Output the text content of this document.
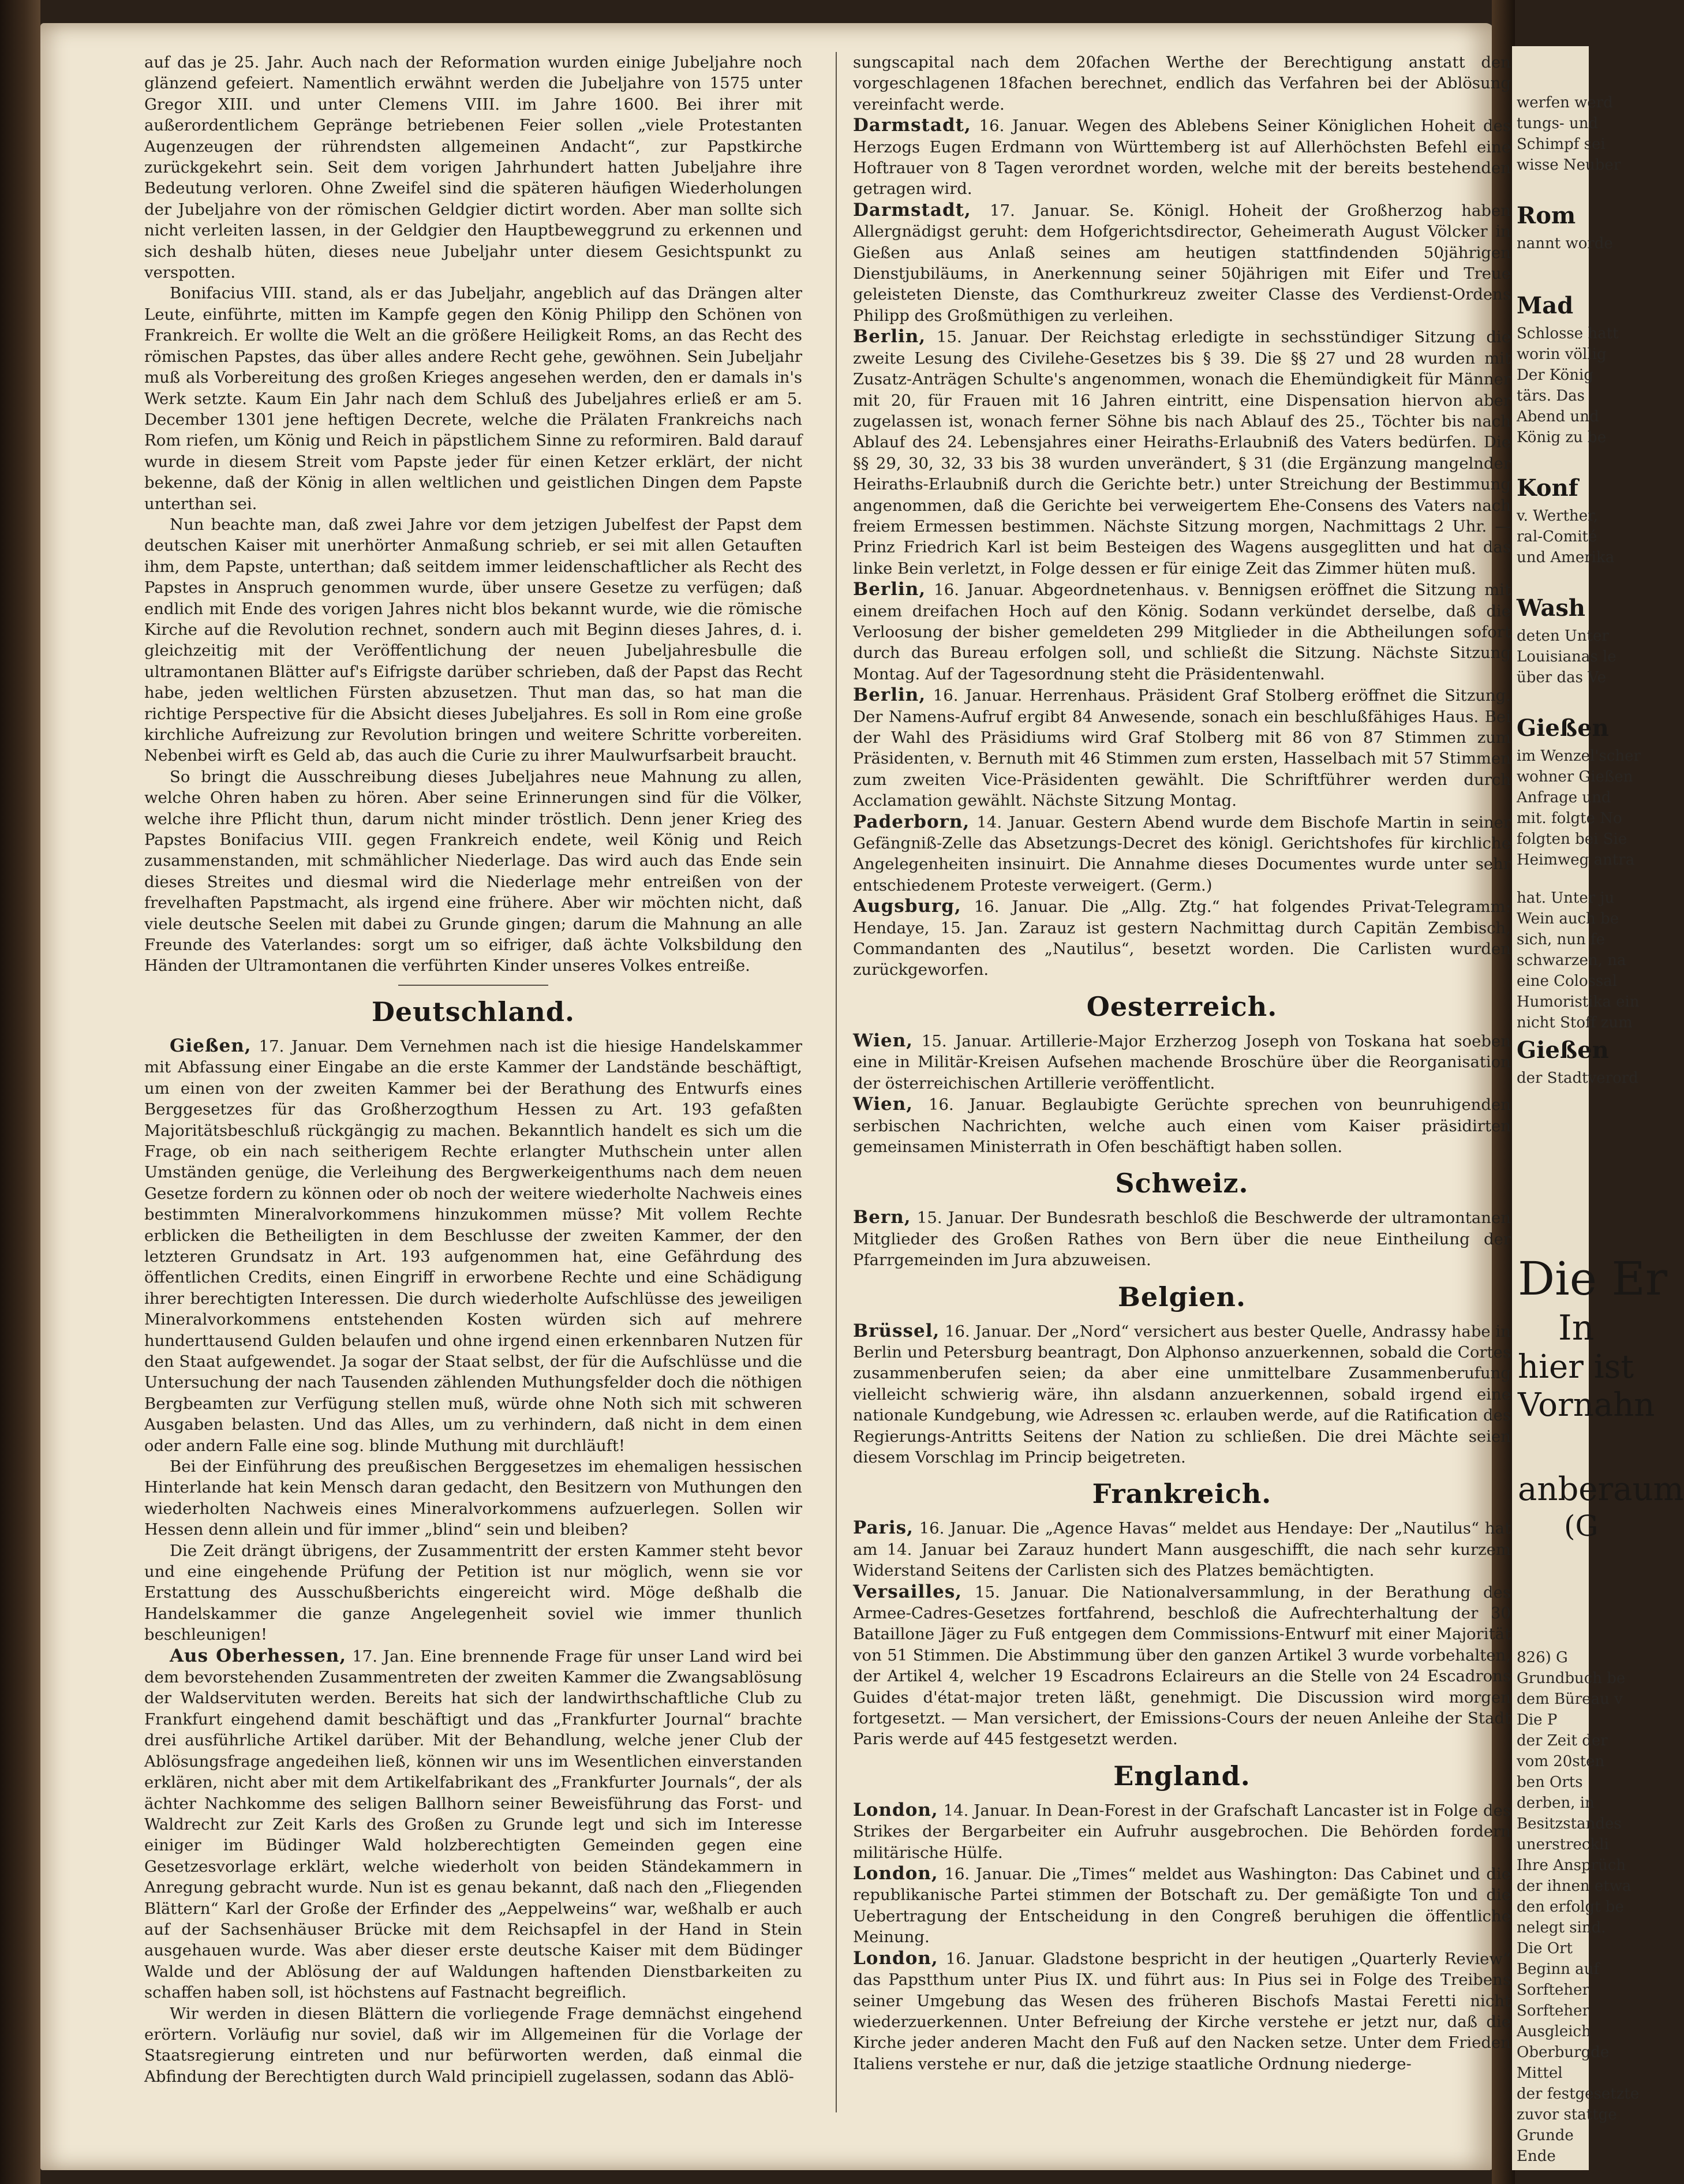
auf das je 25. Jahr. Auch nach der Reformation wurden einige Jubeljahre noch glänzend gefeiert. Namentlich erwähnt werden die Jubeljahre von 1575 unter Gregor XIII. und unter Clemens VIII. im Jahre 1600. Bei ihrer mit außerordentlichem Gepränge betriebenen Feier sollen „viele Protestanten Augenzeugen der rührendsten allgemeinen Andacht“, zur Papstkirche zurückgekehrt sein. Seit dem vorigen Jahrhundert hatten Jubeljahre ihre Bedeutung verloren. Ohne Zweifel sind die späteren häufigen Wiederholungen der Jubeljahre von der römischen Geldgier dictirt worden. Aber man sollte sich nicht verleiten lassen, in der Geldgier den Hauptbeweggrund zu erkennen und sich deshalb hüten, dieses neue Jubeljahr unter diesem Gesichtspunkt zu verspotten.

Bonifacius VIII. stand, als er das Jubeljahr, angeblich auf das Drängen alter Leute, einführte, mitten im Kampfe gegen den König Philipp den Schönen von Frankreich. Er wollte die Welt an die größere Heiligkeit Roms, an das Recht des römischen Papstes, das über alles andere Recht gehe, gewöhnen. Sein Jubeljahr muß als Vorbereitung des großen Krieges angesehen werden, den er damals in's Werk setzte. Kaum Ein Jahr nach dem Schluß des Jubeljahres erließ er am 5. December 1301 jene heftigen Decrete, welche die Prälaten Frankreichs nach Rom riefen, um König und Reich in päpstlichem Sinne zu reformiren. Bald darauf wurde in diesem Streit vom Papste jeder für einen Ketzer erklärt, der nicht bekenne, daß der König in allen weltlichen und geistlichen Dingen dem Papste unterthan sei.

Nun beachte man, daß zwei Jahre vor dem jetzigen Jubelfest der Papst dem deutschen Kaiser mit unerhörter Anmaßung schrieb, er sei mit allen Getauften ihm, dem Papste, unterthan; daß seitdem immer leidenschaftlicher als Recht des Papstes in Anspruch genommen wurde, über unsere Gesetze zu verfügen; daß endlich mit Ende des vorigen Jahres nicht blos bekannt wurde, wie die römische Kirche auf die Revolution rechnet, sondern auch mit Beginn dieses Jahres, d. i. gleichzeitig mit der Veröffentlichung der neuen Jubeljahresbulle die ultramontanen Blätter auf's Eifrigste darüber schrieben, daß der Papst das Recht habe, jeden weltlichen Fürsten abzusetzen. Thut man das, so hat man die richtige Perspective für die Absicht dieses Jubeljahres. Es soll in Rom eine große kirchliche Aufreizung zur Revolution bringen und weitere Schritte vorbereiten. Nebenbei wirft es Geld ab, das auch die Curie zu ihrer Maulwurfsarbeit braucht.

So bringt die Ausschreibung dieses Jubeljahres neue Mahnung zu allen, welche Ohren haben zu hören. Aber seine Erinnerungen sind für die Völker, welche ihre Pflicht thun, darum nicht minder tröstlich. Denn jener Krieg des Papstes Bonifacius VIII. gegen Frankreich endete, weil König und Reich zusammenstanden, mit schmählicher Niederlage. Das wird auch das Ende sein dieses Streites und diesmal wird die Niederlage mehr entreißen von der frevelhaften Papstmacht, als irgend eine frühere. Aber wir möchten nicht, daß viele deutsche Seelen mit dabei zu Grunde gingen; darum die Mahnung an alle Freunde des Vaterlandes: sorgt um so eifriger, daß ächte Volksbildung den Händen der Ultramontanen die verführten Kinder unseres Volkes entreiße.

Deutschland.

Gießen, 17. Januar. Dem Vernehmen nach ist die hiesige Handelskammer mit Abfassung einer Eingabe an die erste Kammer der Landstände beschäftigt, um einen von der zweiten Kammer bei der Berathung des Entwurfs eines Berggesetzes für das Großherzogthum Hessen zu Art. 193 gefaßten Majoritätsbeschluß rückgängig zu machen. Bekanntlich handelt es sich um die Frage, ob ein nach seitherigem Rechte erlangter Muthschein unter allen Umständen genüge, die Verleihung des Bergwerkeigenthums nach dem neuen Gesetze fordern zu können oder ob noch der weitere wiederholte Nachweis eines bestimmten Mineralvorkommens hinzukommen müsse? Mit vollem Rechte erblicken die Betheiligten in dem Beschlusse der zweiten Kammer, der den letzteren Grundsatz in Art. 193 aufgenommen hat, eine Gefährdung des öffentlichen Credits, einen Eingriff in erworbene Rechte und eine Schädigung ihrer berechtigten Interessen. Die durch wiederholte Aufschlüsse des jeweiligen Mineralvorkommens entstehenden Kosten würden sich auf mehrere hunderttausend Gulden belaufen und ohne irgend einen erkennbaren Nutzen für den Staat aufgewendet. Ja sogar der Staat selbst, der für die Aufschlüsse und die Untersuchung der nach Tausenden zählenden Muthungsfelder doch die nöthigen Bergbeamten zur Verfügung stellen muß, würde ohne Noth sich mit schweren Ausgaben belasten. Und das Alles, um zu verhindern, daß nicht in dem einen oder andern Falle eine sog. blinde Muthung mit durchläuft!

Bei der Einführung des preußischen Berggesetzes im ehemaligen hessischen Hinterlande hat kein Mensch daran gedacht, den Besitzern von Muthungen den wiederholten Nachweis eines Mineralvorkommens aufzuerlegen. Sollen wir Hessen denn allein und für immer „blind“ sein und bleiben?

Die Zeit drängt übrigens, der Zusammentritt der ersten Kammer steht bevor und eine eingehende Prüfung der Petition ist nur möglich, wenn sie vor Erstattung des Ausschußberichts eingereicht wird. Möge deßhalb die Handelskammer die ganze Angelegenheit soviel wie immer thunlich beschleunigen!

Aus Oberhessen, 17. Jan. Eine brennende Frage für unser Land wird bei dem bevorstehenden Zusammentreten der zweiten Kammer die Zwangsablösung der Waldservituten werden. Bereits hat sich der landwirthschaftliche Club zu Frankfurt eingehend damit beschäftigt und das „Frankfurter Journal“ brachte drei ausführliche Artikel darüber. Mit der Behandlung, welche jener Club der Ablösungsfrage angedeihen ließ, können wir uns im Wesentlichen einverstanden erklären, nicht aber mit dem Artikelfabrikant des „Frankfurter Journals“, der als ächter Nachkomme des seligen Ballhorn seiner Beweisführung das Forst- und Waldrecht zur Zeit Karls des Großen zu Grunde legt und sich im Interesse einiger im Büdinger Wald holzberechtigten Gemeinden gegen eine Gesetzesvorlage erklärt, welche wiederholt von beiden Ständekammern in Anregung gebracht wurde. Nun ist es genau bekannt, daß nach den „Fliegenden Blättern“ Karl der Große der Erfinder des „Aeppelweins“ war, weßhalb er auch auf der Sachsenhäuser Brücke mit dem Reichsapfel in der Hand in Stein ausgehauen wurde. Was aber dieser erste deutsche Kaiser mit dem Büdinger Walde und der Ablösung der auf Waldungen haftenden Dienstbarkeiten zu schaffen haben soll, ist höchstens auf Fastnacht begreiflich.

Wir werden in diesen Blättern die vorliegende Frage demnächst eingehend erörtern. Vorläufig nur soviel, daß wir im Allgemeinen für die Vorlage der Staatsregierung eintreten und nur befürworten werden, daß einmal die Abfindung der Berechtigten durch Wald principiell zugelassen, sodann das Ablö-

sungscapital nach dem 20fachen Werthe der Berechtigung anstatt den vorgeschlagenen 18fachen berechnet, endlich das Verfahren bei der Ablösung vereinfacht werde.

Darmstadt, 16. Januar. Wegen des Ablebens Seiner Königlichen Hoheit des Herzogs Eugen Erdmann von Württemberg ist auf Allerhöchsten Befehl eine Hoftrauer von 8 Tagen verordnet worden, welche mit der bereits bestehenden getragen wird.

Darmstadt, 17. Januar. Se. Königl. Hoheit der Großherzog haben Allergnädigst geruht: dem Hofgerichtsdirector, Geheimerath August Völcker in Gießen aus Anlaß seines am heutigen stattfindenden 50jährigen Dienstjubiläums, in Anerkennung seiner 50jährigen mit Eifer und Treue geleisteten Dienste, das Comthurkreuz zweiter Classe des Verdienst-Ordens Philipp des Großmüthigen zu verleihen.

Berlin, 15. Januar. Der Reichstag erledigte in sechsstündiger Sitzung die zweite Lesung des Civilehe-Gesetzes bis § 39. Die §§ 27 und 28 wurden mit Zusatz-Anträgen Schulte's angenommen, wonach die Ehemündigkeit für Männer mit 20, für Frauen mit 16 Jahren eintritt, eine Dispensation hiervon aber zugelassen ist, wonach ferner Söhne bis nach Ablauf des 25., Töchter bis nach Ablauf des 24. Lebensjahres einer Heiraths-Erlaubniß des Vaters bedürfen. Die §§ 29, 30, 32, 33 bis 38 wurden unverändert, § 31 (die Ergänzung mangelnder Heiraths-Erlaubniß durch die Gerichte betr.) unter Streichung der Bestimmung angenommen, daß die Gerichte bei verweigertem Ehe-Consens des Vaters nach freiem Ermessen bestimmen. Nächste Sitzung morgen, Nachmittags 2 Uhr. — Prinz Friedrich Karl ist beim Besteigen des Wagens ausgeglitten und hat das linke Bein verletzt, in Folge dessen er für einige Zeit das Zimmer hüten muß.

Berlin, 16. Januar. Abgeordnetenhaus. v. Bennigsen eröffnet die Sitzung mit einem dreifachen Hoch auf den König. Sodann verkündet derselbe, daß die Verloosung der bisher gemeldeten 299 Mitglieder in die Abtheilungen sofort durch das Bureau erfolgen soll, und schließt die Sitzung. Nächste Sitzung Montag. Auf der Tagesordnung steht die Präsidentenwahl.

Berlin, 16. Januar. Herrenhaus. Präsident Graf Stolberg eröffnet die Sitzung. Der Namens-Aufruf ergibt 84 Anwesende, sonach ein beschlußfähiges Haus. Bei der Wahl des Präsidiums wird Graf Stolberg mit 86 von 87 Stimmen zum Präsidenten, v. Bernuth mit 46 Stimmen zum ersten, Hasselbach mit 57 Stimmen zum zweiten Vice-Präsidenten gewählt. Die Schriftführer werden durch Acclamation gewählt. Nächste Sitzung Montag.

Paderborn, 14. Januar. Gestern Abend wurde dem Bischofe Martin in seiner Gefängniß-Zelle das Absetzungs-Decret des königl. Gerichtshofes für kirchliche Angelegenheiten insinuirt. Die Annahme dieses Documentes wurde unter sehr entschiedenem Proteste verweigert. (Germ.)

Augsburg, 16. Januar. Die „Allg. Ztg.“ hat folgendes Privat-Telegramm: Hendaye, 15. Jan. Zarauz ist gestern Nachmittag durch Capitän Zembisch, Commandanten des „Nautilus“, besetzt worden. Die Carlisten wurden zurückgeworfen.

Oesterreich.

Wien, 15. Januar. Artillerie-Major Erzherzog Joseph von Toskana hat soeben eine in Militär-Kreisen Aufsehen machende Broschüre über die Reorganisation der österreichischen Artillerie veröffentlicht.

Wien, 16. Januar. Beglaubigte Gerüchte sprechen von beunruhigenden serbischen Nachrichten, welche auch einen vom Kaiser präsidirten gemeinsamen Ministerrath in Ofen beschäftigt haben sollen.

Schweiz.

Bern, 15. Januar. Der Bundesrath beschloß die Beschwerde der ultramontanen Mitglieder des Großen Rathes von Bern über die neue Eintheilung der Pfarrgemeinden im Jura abzuweisen.

Belgien.

Brüssel, 16. Januar. Der „Nord“ versichert aus bester Quelle, Andrassy habe in Berlin und Petersburg beantragt, Don Alphonso anzuerkennen, sobald die Cortes zusammenberufen seien; da aber eine unmittelbare Zusammenberufung vielleicht schwierig wäre, ihn alsdann anzuerkennen, sobald irgend eine nationale Kundgebung, wie Adressen ꝛc. erlauben werde, auf die Ratification des Regierungs-Antritts Seitens der Nation zu schließen. Die drei Mächte seien diesem Vorschlag im Princip beigetreten.

Frankreich.

Paris, 16. Januar. Die „Agence Havas“ meldet aus Hendaye: Der „Nautilus“ hat am 14. Januar bei Zarauz hundert Mann ausgeschifft, die nach sehr kurzem Widerstand Seitens der Carlisten sich des Platzes bemächtigten.

Versailles, 15. Januar. Die Nationalversammlung, in der Berathung des Armee-Cadres-Gesetzes fortfahrend, beschloß die Aufrechterhaltung der 30 Bataillone Jäger zu Fuß entgegen dem Commissions-Entwurf mit einer Majorität von 51 Stimmen. Die Abstimmung über den ganzen Artikel 3 wurde vorbehalten, der Artikel 4, welcher 19 Escadrons Eclaireurs an die Stelle von 24 Escadrons Guides d'état-major treten läßt, genehmigt. Die Discussion wird morgen fortgesetzt. — Man versichert, der Emissions-Cours der neuen Anleihe der Stadt Paris werde auf 445 festgesetzt werden.

England.

London, 14. Januar. In Dean-Forest in der Grafschaft Lancaster ist in Folge des Strikes der Bergarbeiter ein Aufruhr ausgebrochen. Die Behörden fordern militärische Hülfe.

London, 16. Januar. Die „Times“ meldet aus Washington: Das Cabinet und die republikanische Partei stimmen der Botschaft zu. Der gemäßigte Ton und die Uebertragung der Entscheidung in den Congreß beruhigen die öffentliche Meinung.

London, 16. Januar. Gladstone bespricht in der heutigen „Quarterly Review“ das Papstthum unter Pius IX. und führt aus: In Pius sei in Folge des Treibens seiner Umgebung das Wesen des früheren Bischofs Mastai Feretti nicht wiederzuerkennen. Unter Befreiung der Kirche verstehe er jetzt nur, daß die Kirche jeder anderen Macht den Fuß auf den Nacken setze. Unter dem Frieden Italiens verstehe er nur, daß die jetzige staatliche Ordnung niederge-

werfen werd
tungs- und
Schimpf sei
wisse Neuber
Rom
nannt worde
Mad
Schlosse hatt
worin völlig
Der König
tärs. Das
Abend und
König zu be
Konf
v. Werther,
ral-Comité
und Amerika
Wash
deten Unter
Louisianas le
über das Ve
Gießen
im Wenzel'scher
wohner Gießen
Anfrage und
mit. folgte No
folgten bei Sie
Heimweg antra
hat. Unter ju
Wein auch be
sich, nun fe
schwarzen, na
eine Colossal
Humoristika ein
nicht Stoff zum
Gießen
der Stadtverord
Die Er
In
hier ist
Vornahn
anberaum
(G
826) G
Grundbuch be
dem Büreau v
Die P
der Zeit der
vom 20sten
ben Orts
derben, in
Besitzstandes
unerstreckli
Ihre Ansprüch
der ihnen etwa
den erfolgt be
nelegt sind.
Die Ort
Beginn auf
Sorfteher
Sorfteher
Ausgleich
Oberburgde
Mittel
der festgesetzte
zuvor stattge
Grunde
Ende
